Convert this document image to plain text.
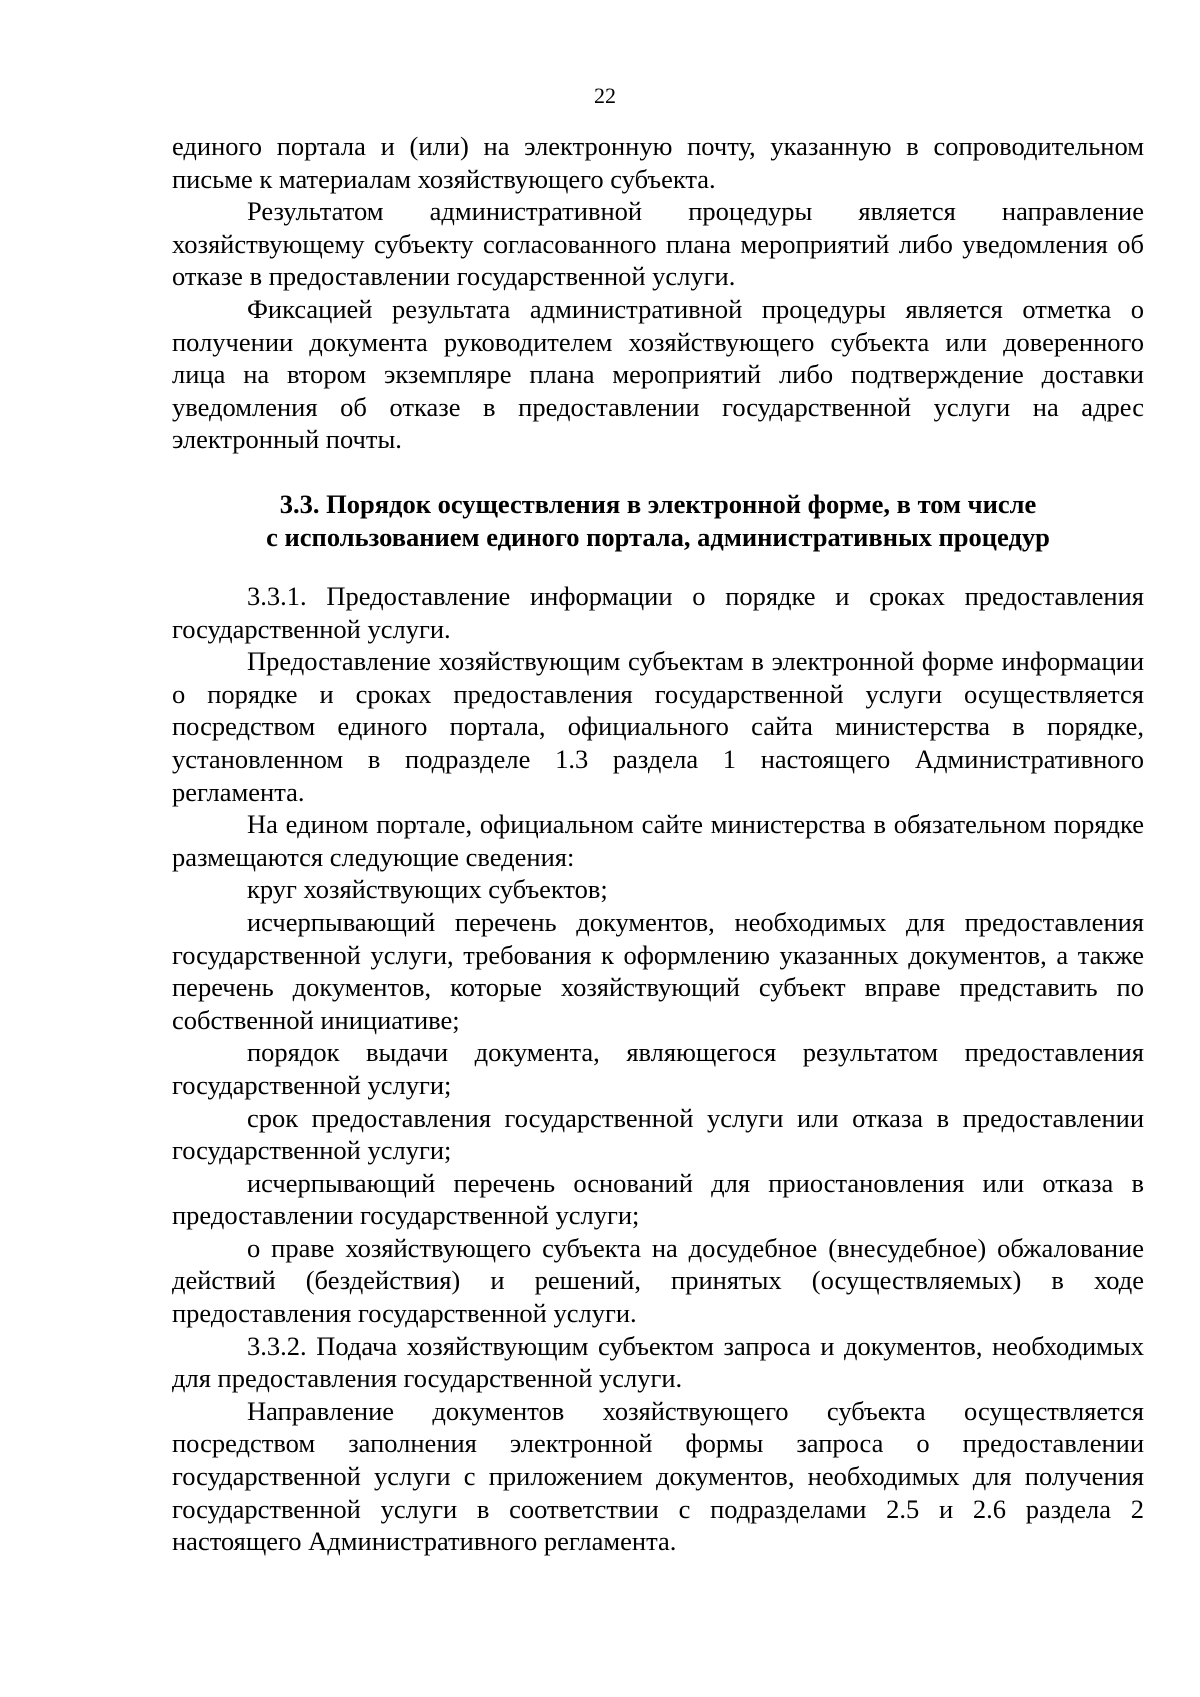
22

единого портала и (или) на электронную почту, указанную в сопроводительном письме к материалам хозяйствующего субъекта.

Результатом административной процедуры является направление хозяйствующему субъекту согласованного плана мероприятий либо уведомления об отказе в предоставлении государственной услуги.

Фиксацией результата административной процедуры является отметка о получении документа руководителем хозяйствующего субъекта или доверенного лица на втором экземпляре плана мероприятий либо подтверждение доставки уведомления об отказе в предоставлении государственной услуги на адрес электронный почты.

3.3. Порядок осуществления в электронной форме, в том числе
с использованием единого портала, административных процедур

3.3.1. Предоставление информации о порядке и сроках предоставления государственной услуги.

Предоставление хозяйствующим субъектам в электронной форме информации о порядке и сроках предоставления государственной услуги осуществляется посредством единого портала, официального сайта министерства в порядке, установленном в подразделе 1.3 раздела 1 настоящего Административного регламента.

На едином портале, официальном сайте министерства в обязательном порядке размещаются следующие сведения:

круг хозяйствующих субъектов;

исчерпывающий перечень документов, необходимых для предоставления государственной услуги, требования к оформлению указанных документов, а также перечень документов, которые хозяйствующий субъект вправе представить по собственной инициативе;

порядок выдачи документа, являющегося результатом предоставления государственной услуги;

срок предоставления государственной услуги или отказа в предоставлении государственной услуги;

исчерпывающий перечень оснований для приостановления или отказа в предоставлении государственной услуги;

о праве хозяйствующего субъекта на досудебное (внесудебное) обжалование действий (бездействия) и решений, принятых (осуществляемых) в ходе предоставления государственной услуги.

3.3.2. Подача хозяйствующим субъектом запроса и документов, необходимых для предоставления государственной услуги.

Направление документов хозяйствующего субъекта осуществляется посредством заполнения электронной формы запроса о предоставлении государственной услуги с приложением документов, необходимых для получения государственной услуги в соответствии с подразделами 2.5 и 2.6 раздела 2 настоящего Административного регламента.
